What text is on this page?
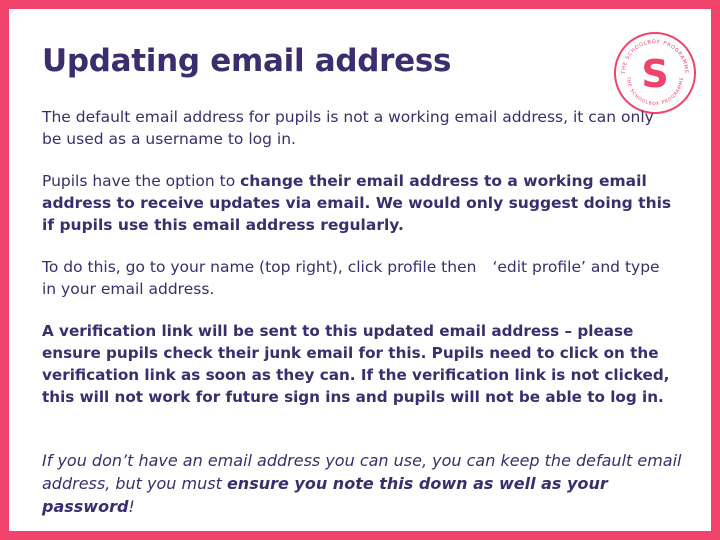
Updating email address	THE SCHOOLBOX PROGRAMME
THE SCHOOLBOX PROGRAMME
S

The default email address for pupils is not a working email address, it can only be used as a username to log in.

Pupils have the option to change their email address to a working email address to receive updates via email. We would only suggest doing this if pupils use this email address regularly.

To do this, go to your name (top right), click profile then ‘edit profile’ and type in your email address.

A verification link will be sent to this updated email address – please ensure pupils check their junk email for this. Pupils need to click on the verification link as soon as they can. If the verification link is not clicked, this will not work for future sign ins and pupils will not be able to log in.

If you don’t have an email address you can use, you can keep the default email address, but you must ensure you note this down as well as your password!
